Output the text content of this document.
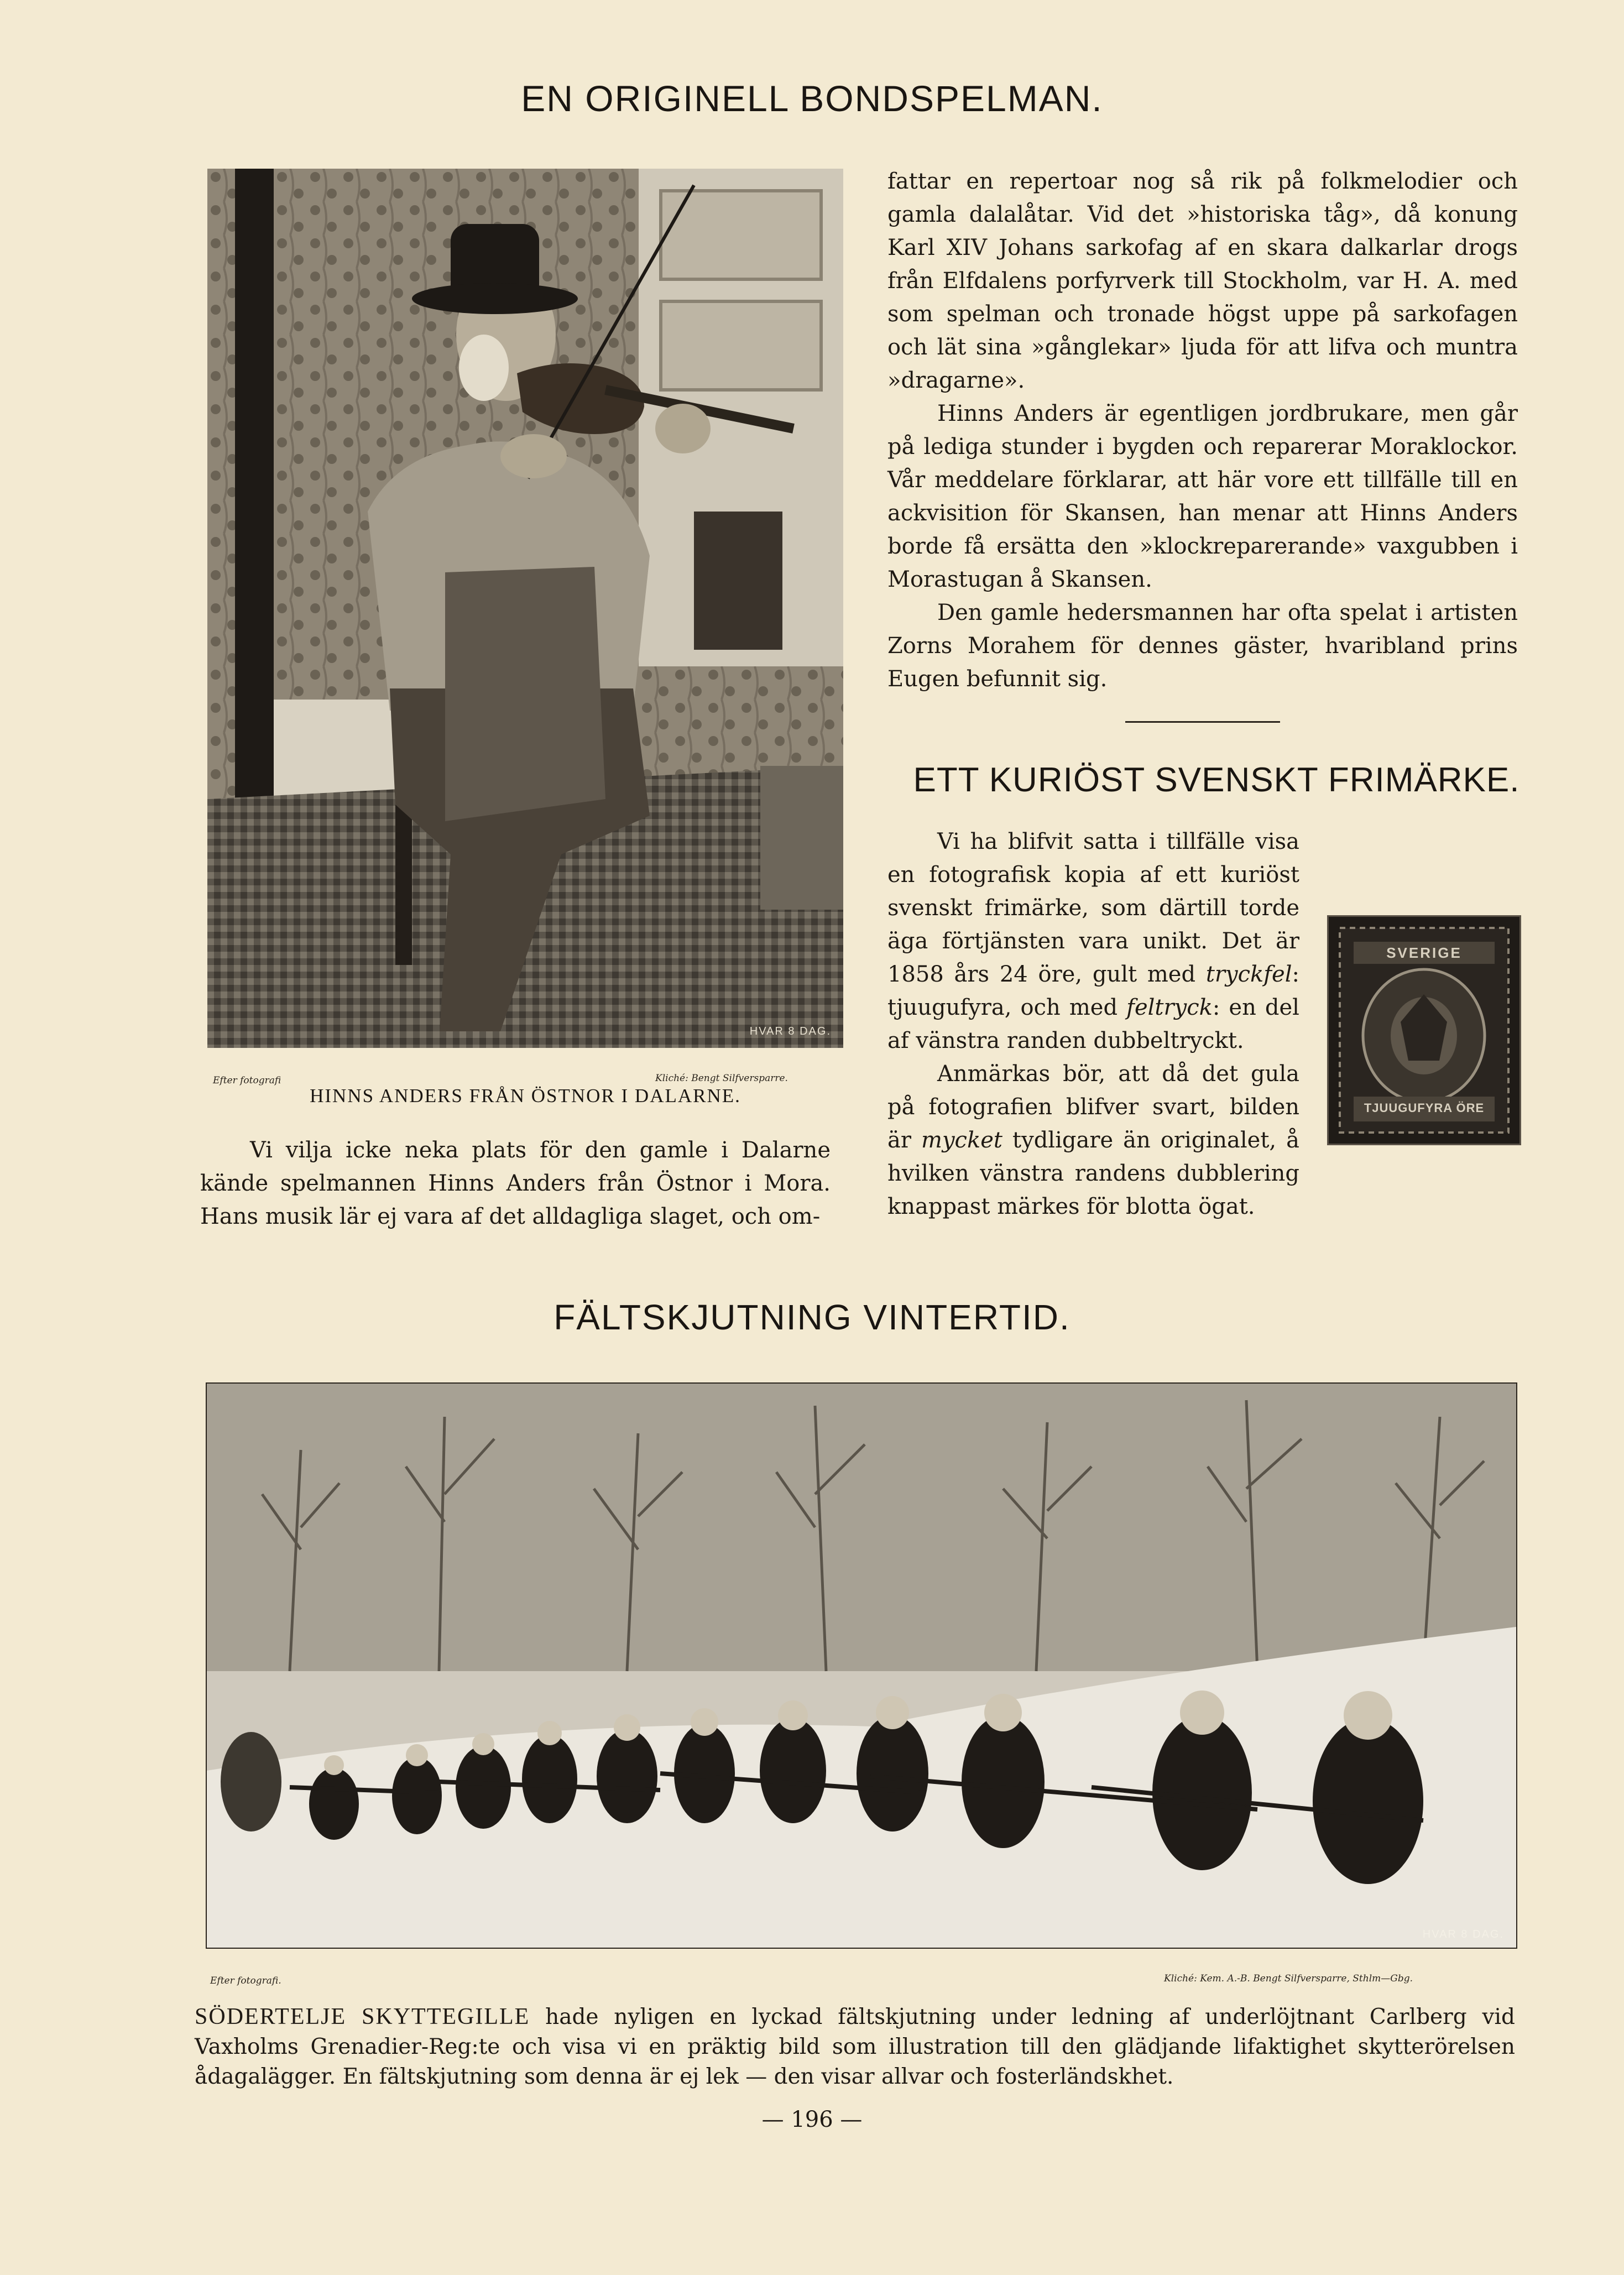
EN ORIGINELL BONDSPELMAN.
HVAR 8 DAG.
Efter fotografi	Kliché: Bengt Silfversparre.
HINNS ANDERS FRÅN ÖSTNOR I DALARNE.

Vi vilja icke neka plats för den gamle i Dalarne kände spelmannen Hinns Anders från Östnor i Mora. Hans musik lär ej vara af det alldagliga slaget, och om-

fattar en repertoar nog så rik på folkmelodier och gamla dalalåtar. Vid det »historiska tåg», då konung Karl XIV Johans sarkofag af en skara dalkarlar drogs från Elfdalens porfyrverk till Stockholm, var H. A. med som spelman och tronade högst uppe på sarkofagen och lät sina »gånglekar» ljuda för att lifva och muntra »dragarne».

Hinns Anders är egentligen jordbrukare, men går på lediga stunder i bygden och reparerar Moraklockor. Vår meddelare förklarar, att här vore ett tillfälle till en ackvisition för Skansen, han menar att Hinns Anders borde få ersätta den »klockreparerande» vaxgubben i Morastugan å Skansen.

Den gamle hedersmannen har ofta spelat i artisten Zorns Morahem för dennes gäster, hvaribland prins Eugen befunnit sig.

ETT KURIÖST SVENSKT FRIMÄRKE.
SVERIGE
TJUUGUFYRA ÖRE

Vi ha blifvit satta i tillfälle visa en fotografisk kopia af ett kuriöst svenskt frimärke, som därtill torde äga förtjänsten vara unikt. Det är 1858 års 24 öre, gult med tryckfel: tjuugufyra, och med feltryck: en del af vänstra randen dubbeltryckt.

Anmärkas bör, att då det gula på fotografien blifver svart, bilden är mycket tydligare än originalet, å hvilken vänstra randens dubblering knappast märkes för blotta ögat.

FÄLTSKJUTNING VINTERTID.
HVAR 8 DAG.
Efter fotografi.	Kliché: Kem. A.-B. Bengt Silfversparre, Sthlm—Gbg.
SÖDERTELJE SKYTTEGILLE hade nyligen en lyckad fältskjutning under ledning af underlöjtnant Carlberg vid Vaxholms Grenadier-Reg:te och visa vi en präktig bild som illustration till den glädjande lifaktighet skytterörelsen ådagalägger. En fältskjutning som denna är ej lek — den visar allvar och fosterländskhet.
— 196 —
